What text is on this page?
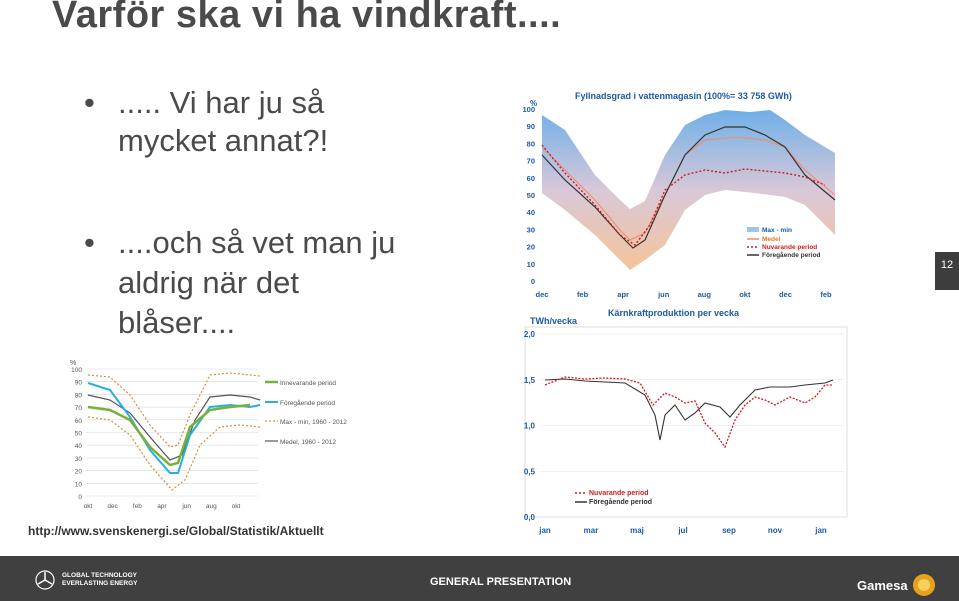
Varför ska vi ha vindkraft....
• ..... Vi har ju så
mycket annat?!
• ....och så vet man ju
aldrig när det
blåser....
12
Fyllnadsgrad i vattenmagasin (100%= 33 758 GWh)
%
0
10
20
30
40
50
60
70
80
90
100
dec	feb	apr	jun	aug	okt	dec	feb
Max - min
Medel
Nuvarande period
Föregående period
%
0
10
20
30
40
50
60
70
80
90
100
okt dec feb apr jun aug okt
Innevarande period
Föregående period
Max - min, 1960 - 2012
Medel, 1960 - 2012
Kärnkraftproduktion per vecka
TWh/vecka
0,0
0,5
1,0
1,5
2,0
jan	mar	maj	jul	sep	nov	jan
Nuvarande period
Föregående period
http://www.svenskenergi.se/Global/Statistik/Aktuellt
GLOBAL TECHNOLOGY
EVERLASTING ENERGY	GENERAL PRESENTATION	Gamesa
